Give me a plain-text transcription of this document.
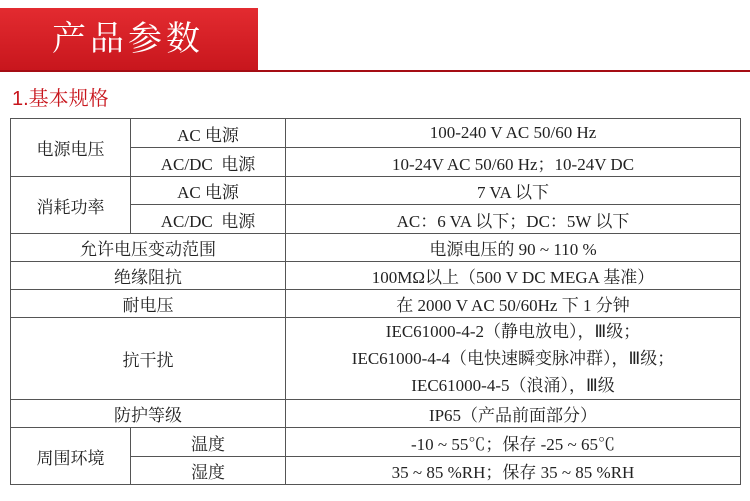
产品参数
1.基本规格
电源电压	AC 电源	100-240 V AC 50/60 Hz
	AC/DC  电源	10-24V AC 50/60 Hz；10-24V DC
消耗功率	AC 电源	7 VA 以下
	AC/DC  电源	AC：6 VA 以下；DC：5W 以下
允许电压变动范围		电源电压的 90 ~ 110 %
绝缘阻抗		100MΩ以上（500 V DC MEGA 基准）
耐电压		在 2000 V AC 50/60Hz 下 1 分钟
抗干扰		IEC61000-4-2（静电放电），Ⅲ级；
IEC61000-4-4（电快速瞬变脉冲群），Ⅲ级；
IEC61000-4-5（浪涌），Ⅲ级

防护等级		IP65（产品前面部分）
周围环境	温度	-10 ~ 55℃；保存 -25 ~ 65℃
	湿度	35 ~ 85 %RH；保存 35 ~ 85 %RH
